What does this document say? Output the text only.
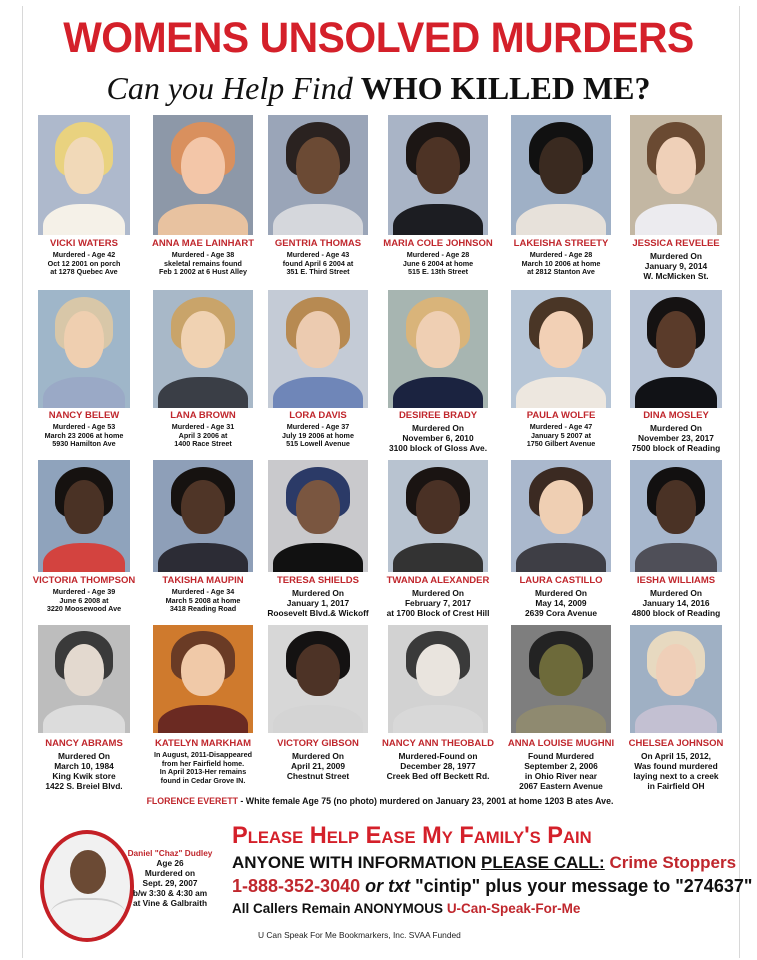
WOMENS UNSOLVED MURDERS
Can you Help Find WHO KILLED ME?
VICKI WATERS
Murdered - Age 42
Oct 12 2001 on porch
at 1278 Quebec Ave
ANNA MAE LAINHART
Murdered - Age 38
skeletal remains found
Feb 1 2002 at 6 Hust Alley
GENTRIA THOMAS
Murdered - Age 43
found April 6 2004 at
351 E. Third Street
MARIA COLE JOHNSON
Murdered - Age 28
June 6 2004 at home
515 E. 13th Street
LAKEISHA STREETY
Murdered - Age 28
March 10 2006 at home
at 2812 Stanton Ave
JESSICA REVELEE
Murdered On
January 9, 2014
W. McMicken St.
NANCY BELEW
Murdered - Age 53
March 23 2006 at home
5930 Hamilton Ave
LANA BROWN
Murdered - Age 31
April 3 2006 at
1400 Race Street
LORA DAVIS
Murdered - Age 37
July 19 2006 at home
515 Lowell Avenue
DESIREE BRADY
Murdered On
November 6, 2010
3100 block of Gloss Ave.
PAULA WOLFE
Murdered - Age 47
January 5 2007 at
1750 Gilbert Avenue
DINA MOSLEY
Murdered On
November 23, 2017
7500 block of Reading
VICTORIA THOMPSON
Murdered - Age 39
June 6 2008 at
3220 Moosewood Ave
TAKISHA MAUPIN
Murdered - Age 34
March 5 2008 at home
3418 Reading Road
TERESA SHIELDS
Murdered On
January 1, 2017
Roosevelt Blvd.& Wickoff
TWANDA ALEXANDER
Murdered On
February 7, 2017
at 1700 Block of Crest Hill
LAURA CASTILLO
Murdered On
May 14, 2009
2639 Cora Avenue
IESHA WILLIAMS
Murdered On
January 14, 2016
4800 block of Reading
NANCY ABRAMS
Murdered On
March 10, 1984
King Kwik store
1422 S. Breiel Blvd.
KATELYN MARKHAM
In August, 2011-Disappeared
from her Fairfield home.
In April 2013-Her remains
found in Cedar Grove IN.
VICTORY GIBSON
Murdered On
April 21, 2009
Chestnut Street
NANCY ANN THEOBALD
Murdered-Found on
December 28, 1977
Creek Bed off Beckett Rd.
ANNA LOUISE MUGHNI
Found Murdered
September 2, 2006
in Ohio River near
2067 Eastern Avenue
CHELSEA JOHNSON
On April 15, 2012,
Was found murdered
laying next to a creek
in Fairfield OH
FLORENCE EVERETT - White female Age 75 (no photo) murdered on January 23, 2001 at home 1203 B ates Ave.
Daniel "Chaz" Dudley
Age 26
Murdered on
Sept. 29, 2007
b/w 3:30 & 4:30 am
at Vine & Galbraith
Please Help Ease My Family's Pain
ANYONE WITH INFORMATION PLEASE CALL: Crime Stoppers
1-888-352-3040 or txt "cintip" plus your message to "274637"
All Callers Remain ANONYMOUS U-Can-Speak-For-Me
U Can Speak For Me Bookmarkers, Inc. SVAA Funded
